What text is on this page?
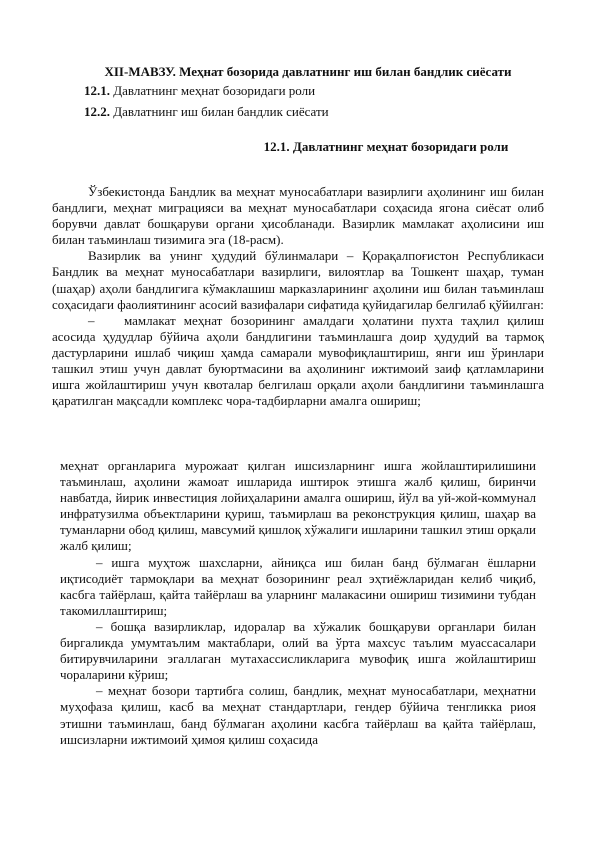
XII-МАВЗУ. Меҳнат бозорида давлатнинг иш билан бандлик сиёсати
12.1. Давлатнинг меҳнат бозоридаги роли
12.2. Давлатнинг иш билан бандлик сиёсати
12.1. Давлатнинг меҳнат бозоридаги роли

Ўзбекистонда Бандлик ва меҳнат муносабатлари вазирлиги аҳолининг иш билан бандлиги, меҳнат миграцияси ва меҳнат муносабатлари соҳасида ягона сиёсат олиб борувчи давлат бошқаруви органи ҳисобланади. Вазирлик мамлакат аҳолисини иш билан таъминлаш тизимига эга (18-расм).

Вазирлик ва унинг ҳудудий бўлинмалари – Қорақалпоғистон Республикаси Бандлик ва меҳнат муносабатлари вазирлиги, вилоятлар ва Тошкент шаҳар, туман (шаҳар) аҳоли бандлигига кўмаклашиш марказларининг аҳолини иш билан таъминлаш соҳасидаги фаолиятининг асосий вазифалари сифатида қуйидагилар белгилаб қўйилган:

– мамлакат меҳнат бозорининг амалдаги ҳолатини пухта таҳлил қилиш асосида ҳудудлар бўйича аҳоли бандлигини таъминлашга доир ҳудудий ва тармоқ дастурларини ишлаб чиқиш ҳамда самарали мувофиқлаштириш, янги иш ўринлари ташкил этиш учун давлат буюртмасини ва аҳолининг ижтимоий заиф қатламларини ишга жойлаштириш учун квоталар белгилаш орқали аҳоли бандлигини таъминлашга қаратилган мақсадли комплекс чора-тадбирларни амалга ошириш;

меҳнат органларига мурожаат қилган ишсизларнинг ишга жойлаштирилишини таъминлаш, аҳолини жамоат ишларида иштирок этишга жалб қилиш, биринчи навбатда, йирик инвестиция лойиҳаларини амалга ошириш, йўл ва уй-жой-коммунал инфратузилма объектларини қуриш, таъмирлаш ва реконструкция қилиш, шаҳар ва туманларни обод қилиш, мавсумий қишлоқ хўжалиги ишларини ташкил этиш орқали жалб қилиш;

– ишга муҳтож шахсларни, айниқса иш билан банд бўлмаган ёшларни иқтисодиёт тармоқлари ва меҳнат бозорининг реал эҳтиёжларидан келиб чиқиб, касбга тайёрлаш, қайта тайёрлаш ва уларнинг малакасини ошириш тизимини тубдан такомиллаштириш;

– бошқа вазирликлар, идоралар ва хўжалик бошқаруви органлари билан биргаликда умумтаълим мактаблари, олий ва ўрта махсус таълим муассасалари битирувчиларини эгаллаган мутахассисликларига мувофиқ ишга жойлаштириш чораларини кўриш;

– меҳнат бозори тартибга солиш, бандлик, меҳнат муносабатлари, меҳнатни муҳофаза қилиш, касб ва меҳнат стандартлари, гендер бўйича тенгликка риоя этишни таъминлаш, банд бўлмаган аҳолини касбга тайёрлаш ва қайта тайёрлаш, ишсизларни ижтимоий ҳимоя қилиш соҳасида
